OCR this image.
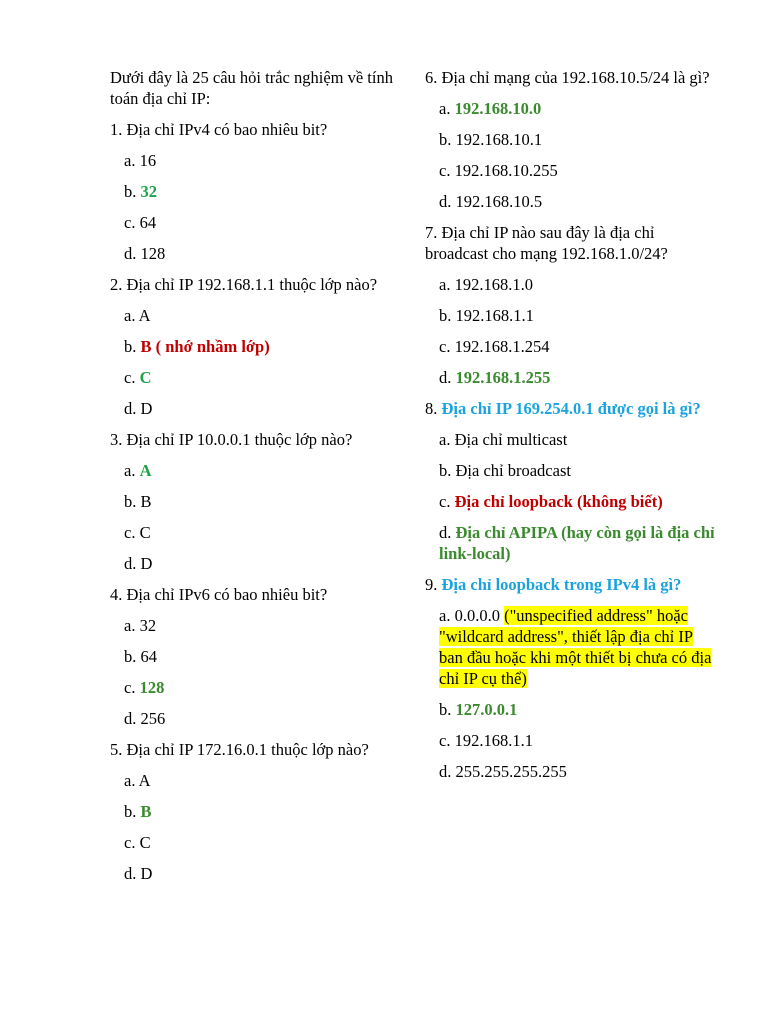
Dưới đây là 25 câu hỏi trắc nghiệm về tính toán địa chỉ IP:

1. Địa chỉ IPv4 có bao nhiêu bit?

a. 16

b. 32

c. 64

d. 128

2. Địa chỉ IP 192.168.1.1 thuộc lớp nào?

a. A

b. B ( nhớ nhầm lớp)

c. C

d. D

3. Địa chỉ IP 10.0.0.1 thuộc lớp nào?

a. A

b. B

c. C

d. D

4. Địa chỉ IPv6 có bao nhiêu bit?

a. 32

b. 64

c. 128

d. 256

5. Địa chỉ IP 172.16.0.1 thuộc lớp nào?

a. A

b. B

c. C

d. D

6. Địa chỉ mạng của 192.168.10.5/24 là gì?

a. 192.168.10.0

b. 192.168.10.1

c. 192.168.10.255

d. 192.168.10.5

7. Địa chỉ IP nào sau đây là địa chỉ broadcast cho mạng 192.168.1.0/24?

a. 192.168.1.0

b. 192.168.1.1

c. 192.168.1.254

d. 192.168.1.255

8. Địa chỉ IP 169.254.0.1 được gọi là gì?

a. Địa chỉ multicast

b. Địa chỉ broadcast

c. Địa chỉ loopback (không biết)

d. Địa chỉ APIPA (hay còn gọi là địa chỉ link-local)

9. Địa chỉ loopback trong IPv4 là gì?

a. 0.0.0.0 ("unspecified address" hoặc "wildcard address", thiết lập địa chỉ IP ban đầu hoặc khi một thiết bị chưa có địa chỉ IP cụ thể)

b. 127.0.0.1

c. 192.168.1.1

d. 255.255.255.255
